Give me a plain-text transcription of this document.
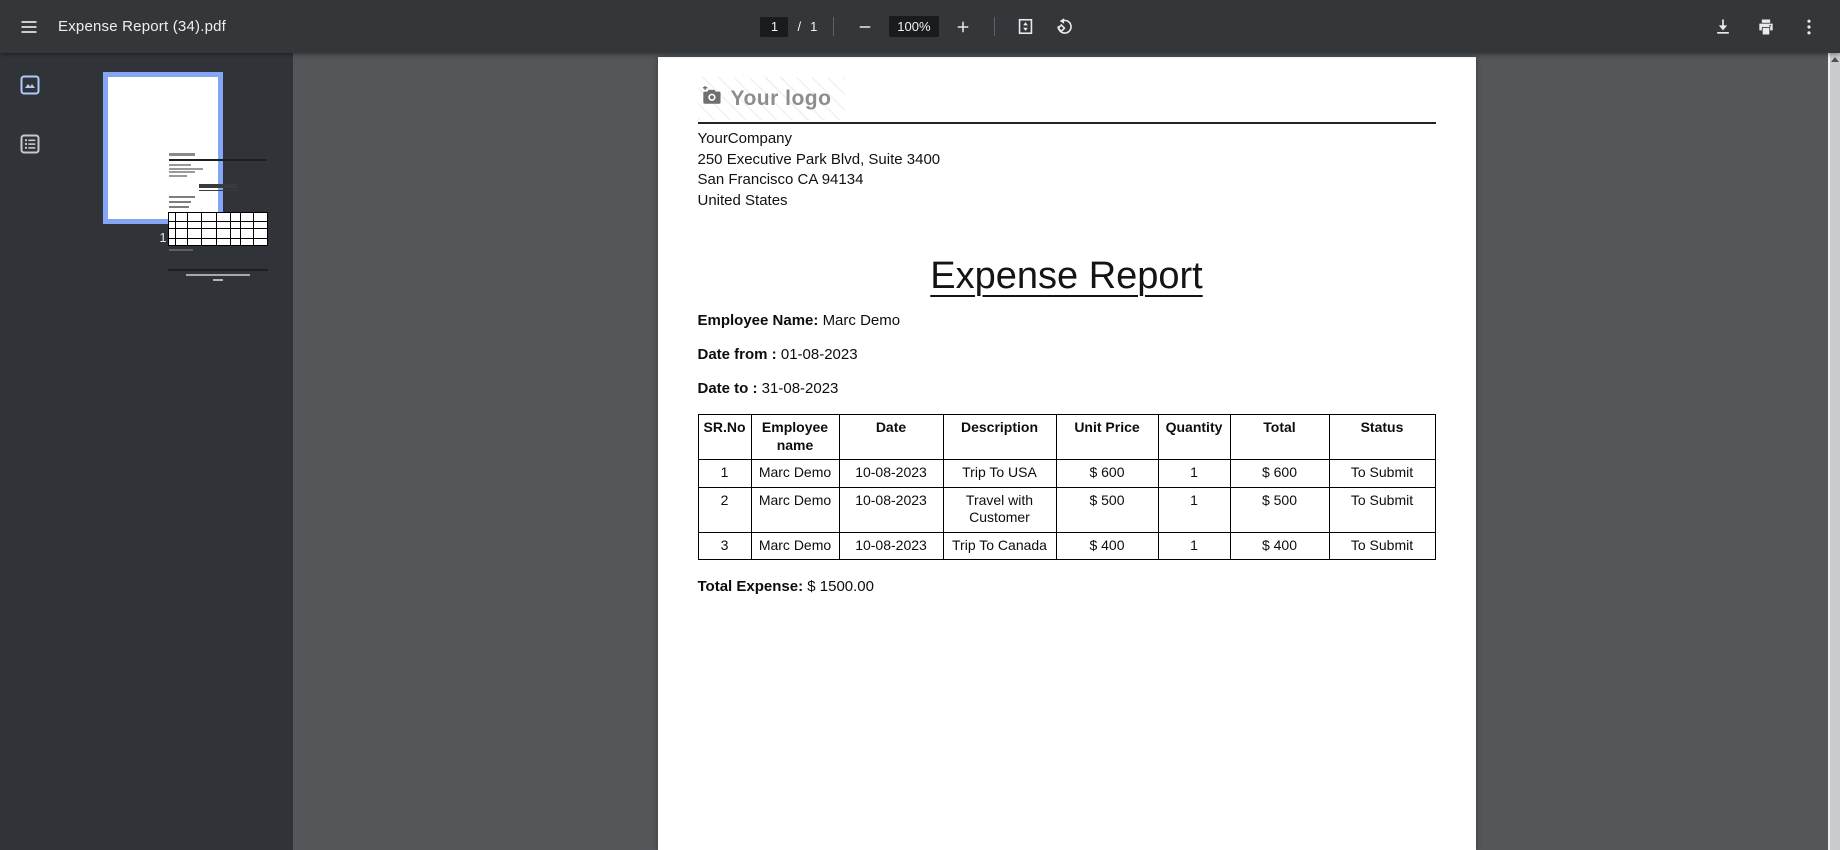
Expense Report (34).pdf
1	/ 1	100%
1
Your logo
YourCompany
250 Executive Park Blvd, Suite 3400
San Francisco CA 94134
United States
Expense Report

Employee Name: Marc Demo

Date from : 01-08-2023

Date to : 31-08-2023

SR.No	Employee name	Date	Description	Unit Price	Quantity	Total	Status
1	Marc Demo	10-08-2023	Trip To USA	$ 600	1	$ 600	To Submit
2	Marc Demo	10-08-2023	Travel with Customer	$ 500	1	$ 500	To Submit
3	Marc Demo	10-08-2023	Trip To Canada	$ 400	1	$ 400	To Submit

Total Expense: $ 1500.00
